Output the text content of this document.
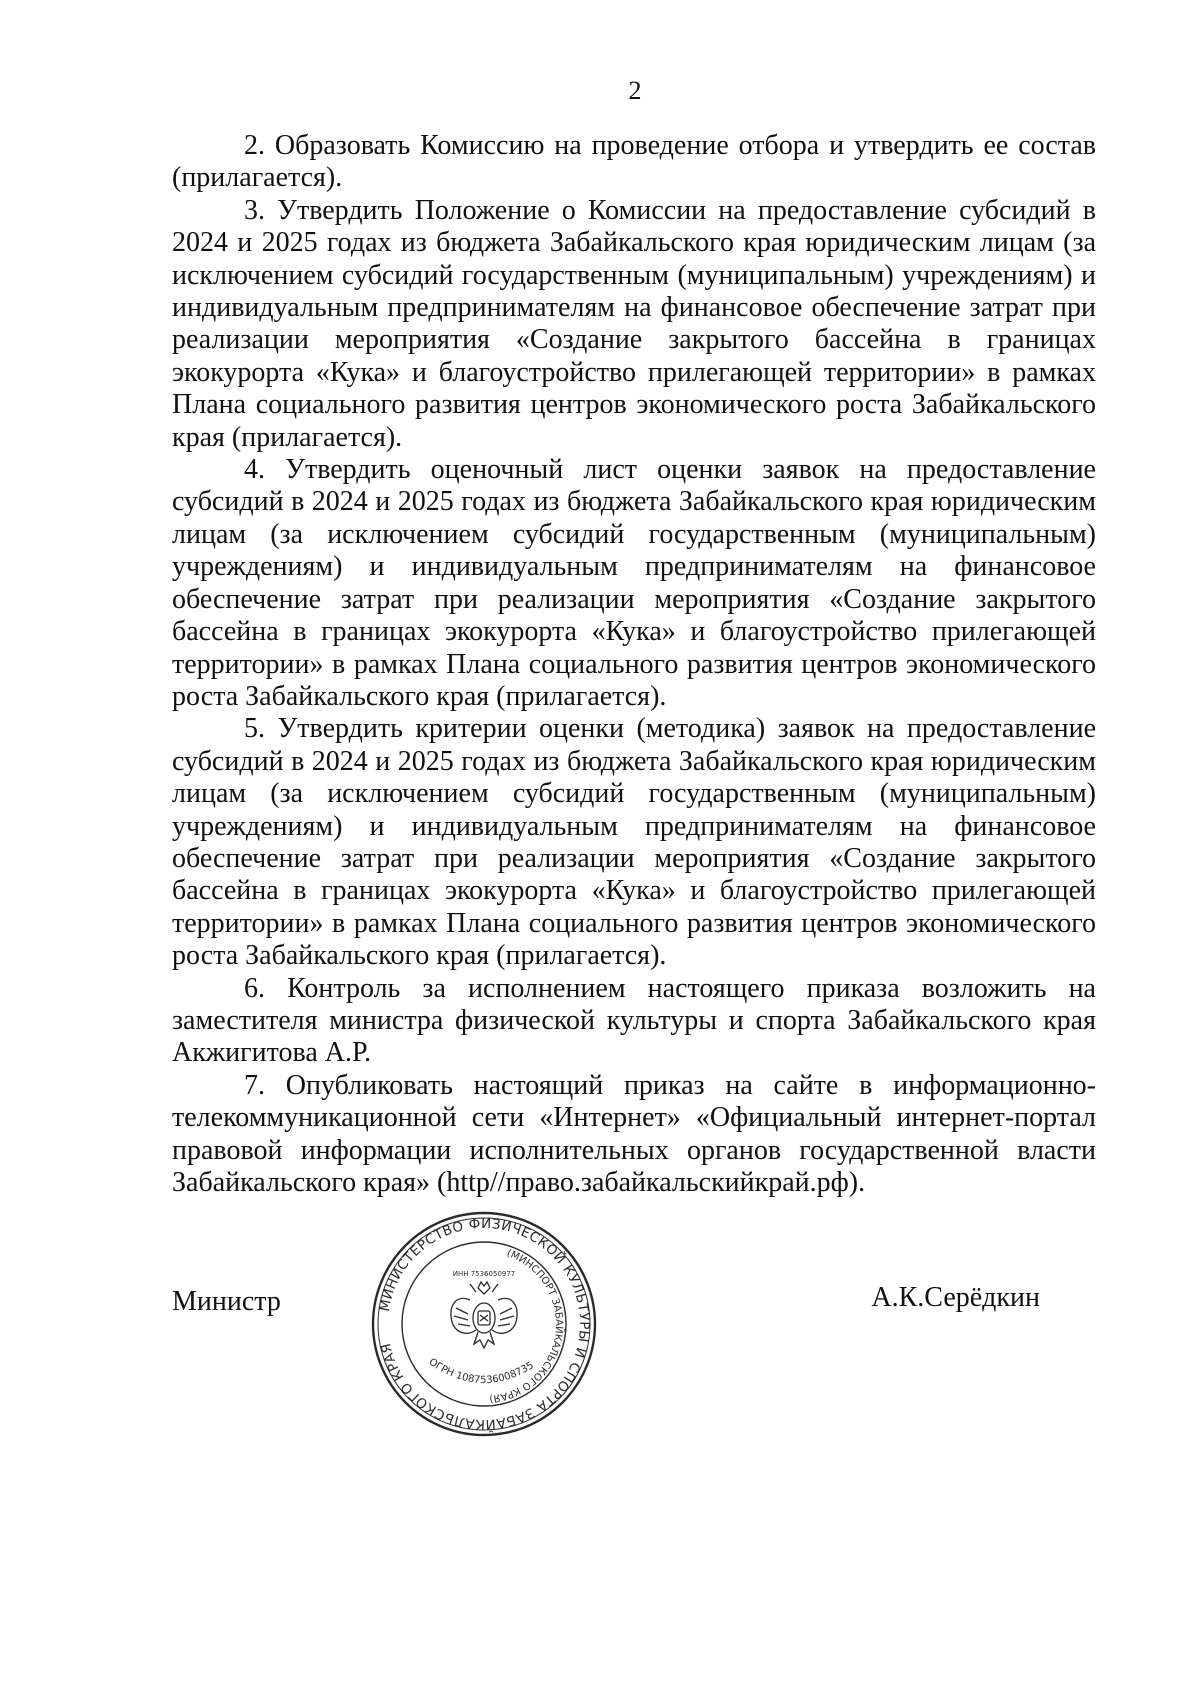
2

2. Образовать Комиссию на проведение отбора и утвердить ее состав (прилагается).

3. Утвердить Положение о Комиссии на предоставление субсидий в 2024 и 2025 годах из бюджета Забайкальского края юридическим лицам (за исключением субсидий государственным (муниципальным) учреждениям) и индивидуальным предпринимателям на финансовое обеспечение затрат при реализации мероприятия «Создание закрытого бассейна в границах экокурорта «Кука» и благоустройство прилегающей территории» в рамках Плана социального развития центров экономического роста Забайкальского края (прилагается).

4. Утвердить оценочный лист оценки заявок на предоставление субсидий в 2024 и 2025 годах из бюджета Забайкальского края юридическим лицам (за исключением субсидий государственным (муниципальным) учреждениям) и индивидуальным предпринимателям на финансовое обеспечение затрат при реализации мероприятия «Создание закрытого бассейна в границах экокурорта «Кука» и благоустройство прилегающей территории» в рамках Плана социального развития центров экономического роста Забайкальского края (прилагается).

5. Утвердить критерии оценки (методика) заявок на предоставление субсидий в 2024 и 2025 годах из бюджета Забайкальского края юридическим лицам (за исключением субсидий государственным (муниципальным) учреждениям) и индивидуальным предпринимателям на финансовое обеспечение затрат при реализации мероприятия «Создание закрытого бассейна в границах экокурорта «Кука» и благоустройство прилегающей территории» в рамках Плана социального развития центров экономического роста Забайкальского края (прилагается).

6. Контроль за исполнением настоящего приказа возложить на заместителя министра физической культуры и спорта Забайкальского края Акжигитова А.Р.

7. Опубликовать настоящий приказ на сайте в информационно-телекоммуникационной сети «Интернет» «Официальный интернет-портал правовой информации исполнительных органов государственной власти Забайкальского края» (http//право.забайкальскийкрай.рф).

МИНИСТЕРСТВО ФИЗИЧЕСКОЙ КУЛЬТУРЫ И СПОРТА ЗАБАЙКАЛЬСКОГО КРАЯ
(МИНСПОРТ ЗАБАЙКАЛЬСКОГО КРАЯ)
ОГРН 1087536008735
ИНН 7536050977
Министр	А.К.Серёдкин
